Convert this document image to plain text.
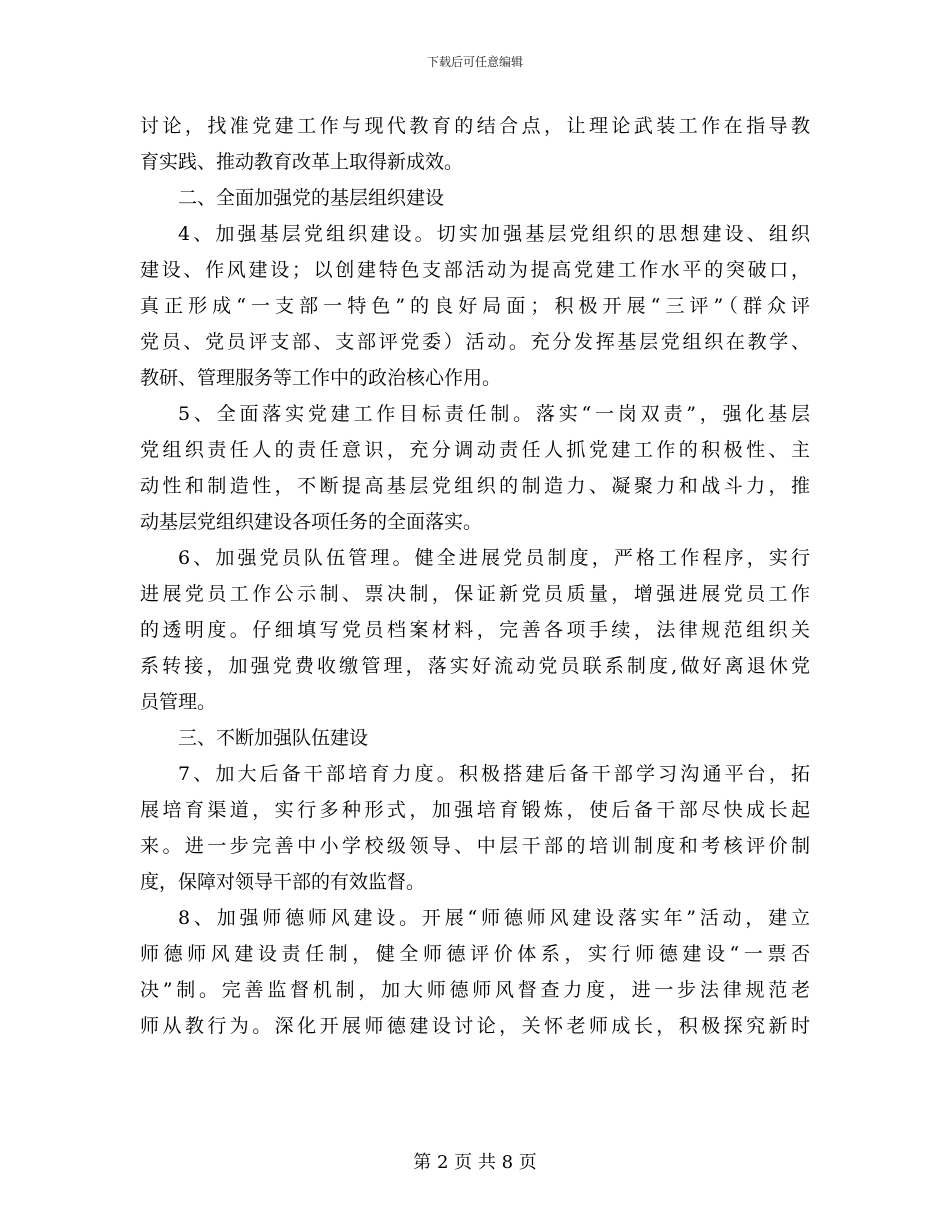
下载后可任意编辑
讨论，找准党建工作与现代教育的结合点，让理论武装工作在指导教
育实践、推动教育改革上取得新成效。
二、全面加强党的基层组织建设
4、加强基层党组织建设。切实加强基层党组织的思想建设、组织
建设、作风建设；以创建特色支部活动为提高党建工作水平的突破口，
真正形成“一支部一特色”的良好局面；积极开展“三评”（群众评
党员、党员评支部、支部评党委）活动。充分发挥基层党组织在教学、
教研、管理服务等工作中的政治核心作用。
5、全面落实党建工作目标责任制。落实“一岗双责”，强化基层
党组织责任人的责任意识，充分调动责任人抓党建工作的积极性、主
动性和制造性，不断提高基层党组织的制造力、凝聚力和战斗力，推
动基层党组织建设各项任务的全面落实。
6、加强党员队伍管理。健全进展党员制度，严格工作程序，实行
进展党员工作公示制、票决制，保证新党员质量，增强进展党员工作
的透明度。仔细填写党员档案材料，完善各项手续，法律规范组织关
系转接，加强党费收缴管理，落实好流动党员联系制度,做好离退休党
员管理。
三、不断加强队伍建设
7、加大后备干部培育力度。积极搭建后备干部学习沟通平台，拓
展培育渠道，实行多种形式，加强培育锻炼，使后备干部尽快成长起
来。进一步完善中小学校级领导、中层干部的培训制度和考核评价制
度，保障对领导干部的有效监督。
8、加强师德师风建设。开展“师德师风建设落实年”活动，建立
师德师风建设责任制，健全师德评价体系，实行师德建设“一票否
决”制。完善监督机制，加大师德师风督查力度，进一步法律规范老
师从教行为。深化开展师德建设讨论，关怀老师成长，积极探究新时
第 2 页 共 8 页
